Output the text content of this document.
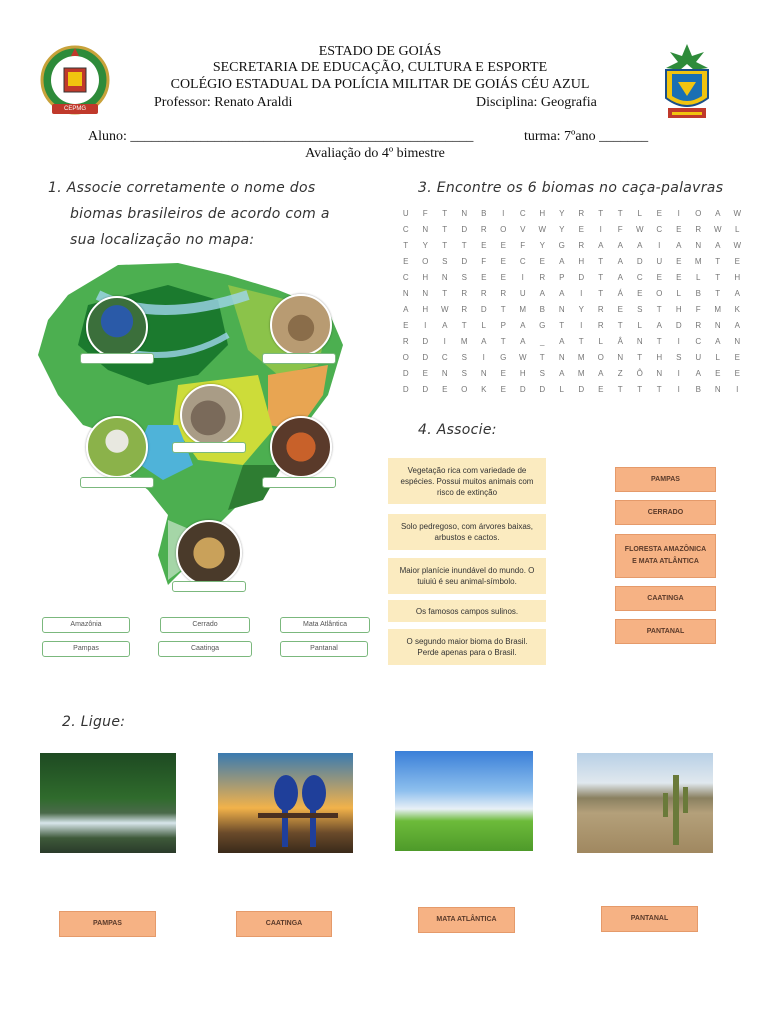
CEPMG
ESTADO DE GOIÁS
SECRETARIA DE EDUCAÇÃO, CULTURA E ESPORTE
COLÉGIO ESTADUAL DA POLÍCIA MILITAR DE GOIÁS CÉU AZUL
Professor: Renato Araldi	Disciplina: Geografia
Aluno: _________________________________________________	turma: 7ºano _______
Avaliação do 4º bimestre
1. Associe corretamente o nome dos
biomas brasileiros de acordo com a
sua localização no mapa:
Amazônia	Cerrado	Mata Atlântica
Pampas	Caatinga	Pantanal
3. Encontre os 6 biomas no caça-palavras
U	F	T	N	B	I	C	H	Y	R	T	T	L	E	I	O	A	W
C	N	T	D	R	O	V	W	Y	E	I	F	W	C	E	R	W	L
T	Y	T	T	E	E	F	Y	G	R	A	A	A	I	A	N	A	W
E	O	S	D	F	E	C	E	A	H	T	A	D	U	E	M	T	E
C	H	N	S	E	E	I	R	P	D	T	A	C	E	E	L	T	H
N	N	T	R	R	R	U	A	A	I	T	Á	E	O	L	B	T	A
A	H	W	R	D	T	M	B	N	Y	R	E	S	T	H	F	M	K
E	I	A	T	L	P	A	G	T	I	R	T	L	A	D	R	N	A
R	D	I	M	A	T	A	_	A	T	L	Â	N	T	I	C	A	N
O	D	C	S	I	G	W	T	N	M	O	N	T	H	S	U	L	E
D	E	N	S	N	E	H	S	A	M	A	Z	Ô	N	I	A	E	E
D	D	E	O	K	E	D	D	L	D	E	T	T	T	I	B	N	I
4. Associe:
Vegetação rica com variedade de espécies. Possui muitos animais com risco de extinção
Solo pedregoso, com árvores baixas, arbustos e cactos.
Maior planície inundável do mundo. O tuiuiú é seu animal-símbolo.
Os famosos campos sulinos.
O segundo maior bioma do Brasil. Perde apenas para o Brasil.
PAMPAS
CERRADO
FLORESTA AMAZÔNICA
E MATA ATLÂNTICA
CAATINGA
PANTANAL
2. Ligue:
PAMPAS	CAATINGA
MATA ATLÂNTICA	PANTANAL
